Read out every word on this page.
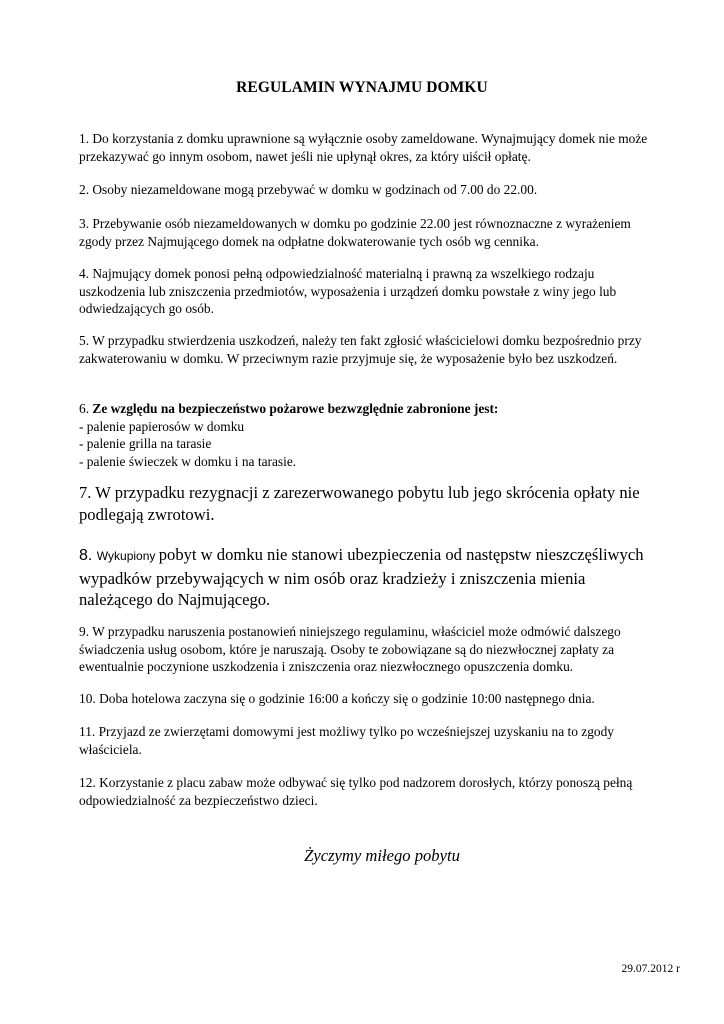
REGULAMIN WYNAJMU DOMKU
1. Do korzystania z domku uprawnione są wyłącznie osoby zameldowane. Wynajmujący domek nie może przekazywać go innym osobom, nawet jeśli nie upłynął okres, za który uiścił opłatę.
2. Osoby niezameldowane mogą przebywać w domku w godzinach od 7.00 do 22.00.
3. Przebywanie osób niezameldowanych w domku po godzinie 22.00 jest równoznaczne z wyrażeniem zgody przez Najmującego domek na odpłatne dokwaterowanie tych osób wg cennika.
4. Najmujący domek ponosi pełną odpowiedzialność materialną i prawną za wszelkiego rodzaju uszkodzenia lub zniszczenia przedmiotów, wyposażenia i urządzeń domku powstałe z winy jego lub odwiedzających go osób.
5. W przypadku stwierdzenia uszkodzeń, należy ten fakt zgłosić właścicielowi domku bezpośrednio przy zakwaterowaniu w domku. W przeciwnym razie przyjmuje się, że wyposażenie było bez uszkodzeń.
6. Ze względu na bezpieczeństwo pożarowe bezwzględnie zabronione jest:
- palenie papierosów w domku
- palenie grilla na tarasie
- palenie świeczek w domku i na tarasie.
7. W przypadku rezygnacji z zarezerwowanego pobytu lub jego skrócenia opłaty nie podlegają zwrotowi.
8. Wykupiony pobyt w domku nie stanowi ubezpieczenia od następstw nieszczęśliwych wypadków przebywających w nim osób oraz kradzieży i zniszczenia mienia należącego do Najmującego.
9. W przypadku naruszenia postanowień niniejszego regulaminu, właściciel może odmówić dalszego świadczenia usług osobom, które je naruszają. Osoby te zobowiązane są do niezwłocznej zapłaty za ewentualnie poczynione uszkodzenia i zniszczenia oraz niezwłocznego opuszczenia domku.
10. Doba hotelowa zaczyna się o godzinie 16:00 a kończy się o godzinie 10:00 następnego dnia.
11. Przyjazd ze zwierzętami domowymi jest możliwy tylko po wcześniejszej uzyskaniu na to zgody właściciela.
12. Korzystanie z placu zabaw może odbywać się tylko pod nadzorem dorosłych, którzy ponoszą pełną odpowiedzialność za bezpieczeństwo dzieci.
Życzymy miłego pobytu
29.07.2012 r
